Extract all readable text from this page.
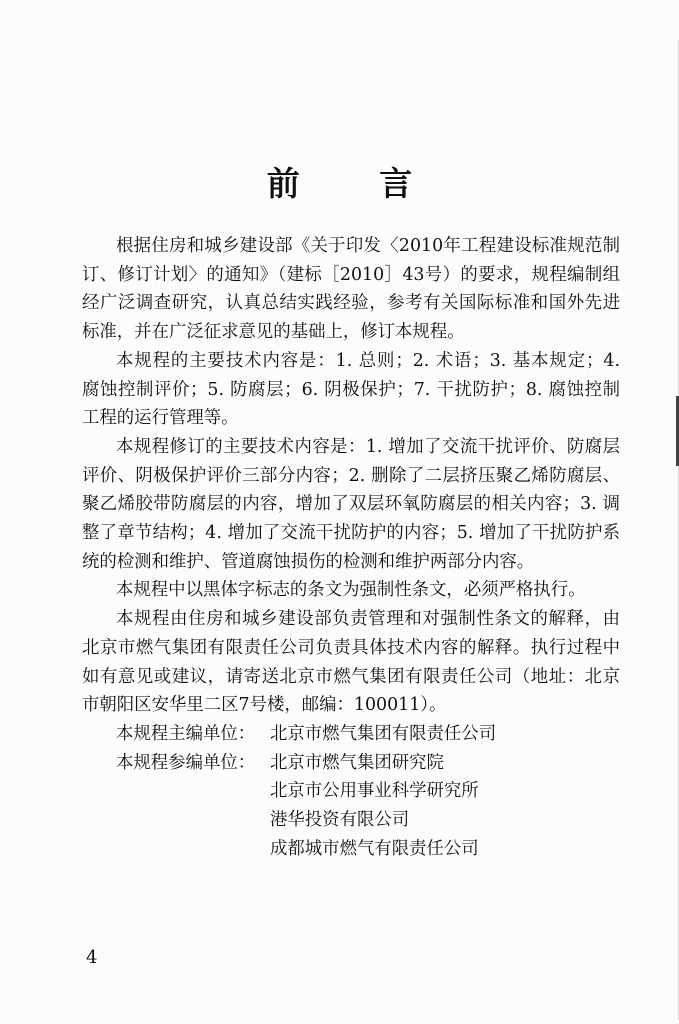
前 言

根据住房和城乡建设部《关于印发〈2010年工程建设标准规范制订、修订计划〉的通知》（建标［2010］43号）的要求，规程编制组经广泛调查研究，认真总结实践经验，参考有关国际标准和国外先进标准，并在广泛征求意见的基础上，修订本规程。

本规程的主要技术内容是：1. 总则；2. 术语；3. 基本规定；4. 腐蚀控制评价；5. 防腐层；6. 阴极保护；7. 干扰防护；8. 腐蚀控制工程的运行管理等。

本规程修订的主要技术内容是：1. 增加了交流干扰评价、防腐层评价、阴极保护评价三部分内容；2. 删除了二层挤压聚乙烯防腐层、聚乙烯胶带防腐层的内容，增加了双层环氧防腐层的相关内容；3. 调整了章节结构；4. 增加了交流干扰防护的内容；5. 增加了干扰防护系统的检测和维护、管道腐蚀损伤的检测和维护两部分内容。

本规程中以黑体字标志的条文为强制性条文，必须严格执行。

本规程由住房和城乡建设部负责管理和对强制性条文的解释，由北京市燃气集团有限责任公司负责具体技术内容的解释。执行过程中如有意见或建议，请寄送北京市燃气集团有限责任公司（地址：北京市朝阳区安华里二区7号楼，邮编：100011）。

本规程主编单位： 北京市燃气集团有限责任公司
本规程参编单位： 北京市燃气集团研究院
北京市公用事业科学研究所
港华投资有限公司
成都城市燃气有限责任公司
4
